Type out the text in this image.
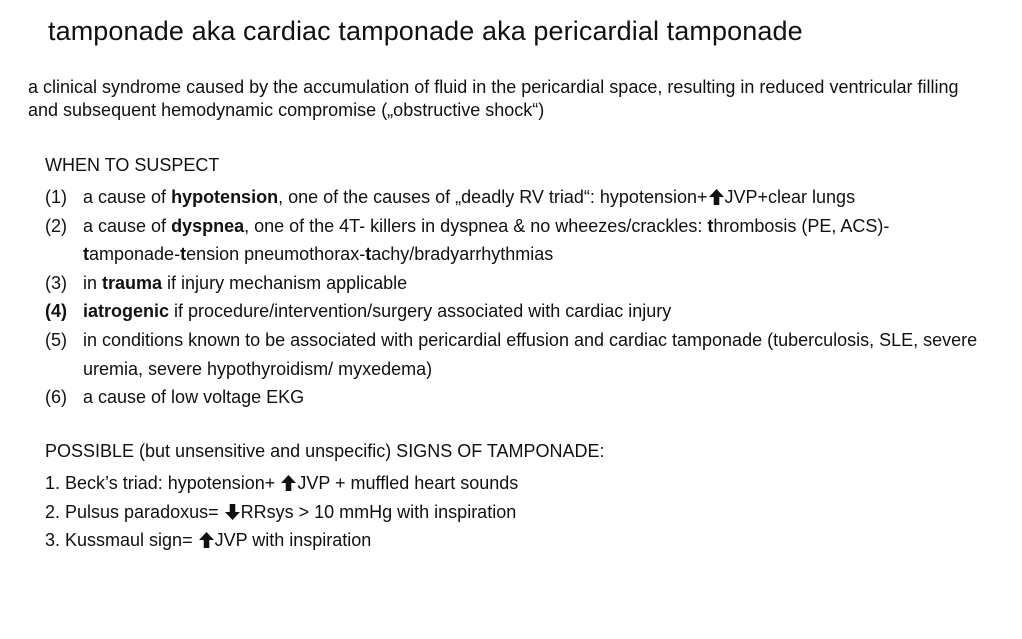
tamponade aka cardiac tamponade aka pericardial tamponade
a clinical syndrome caused by the accumulation of fluid in the pericardial space, resulting in reduced ventricular filling and subsequent hemodynamic compromise („obstructive shock“)
WHEN TO SUSPECT
(1) a cause of hypotension, one of the causes of „deadly RV triad“: hypotension+ JVP+clear lungs
(2) a cause of dyspnea, one of the 4T- killers in dyspnea & no wheezes/crackles: thrombosis (PE, ACS)-tamponade-tension pneumothorax-tachy/bradyarrhythmias
(3) in trauma if injury mechanism applicable
(4) iatrogenic if procedure/intervention/surgery associated with cardiac injury
(5) in conditions known to be associated with pericardial effusion and cardiac tamponade (tuberculosis, SLE, severe uremia, severe hypothyroidism/ myxedema)
(6) a cause of low voltage EKG
POSSIBLE (but unsensitive and unspecific) SIGNS OF TAMPONADE:
1. Beck’s triad: hypotension+
JVP + muffled heart sounds
2. Pulsus paradoxus=
RRsys > 10 mmHg with inspiration
3. Kussmaul sign=
JVP with inspiration
